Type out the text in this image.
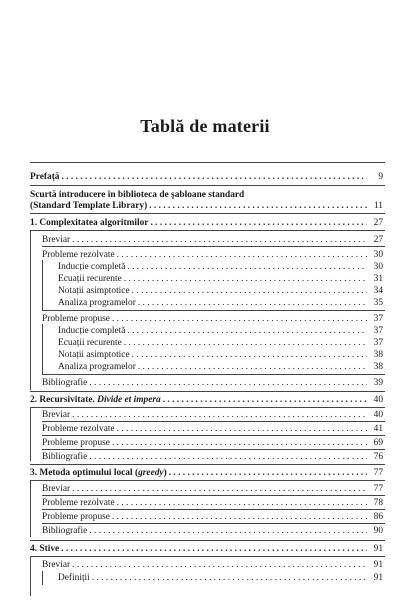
Tablă de materii
Prefață . . .	9
Scurtă introducere în biblioteca de şabloane standard
(Standard Template Library) . . .	11
1. Complexitatea algoritmilor . . .	27
Breviar . . .	27
Probleme rezolvate . . .	30
Inducție completă . . .	30
Ecuații recurente . . .	31
Notații asimptotice . . .	34
Analiza programelor . . .	35
Probleme propuse . . .	37
Inducție completă . . .	37
Ecuații recurente . . .	37
Notații asimptotice . . .	38
Analiza programelor . . .	38
Bibliografie . . .	39
2. Recursivitate. Divide et impera . . .	40
Breviar . . .	40
Probleme rezolvate . . .	41
Probleme propuse . . .	69
Bibliografie . . .	76
3. Metoda optimului local (greedy) . . .	77
Breviar . . .	77
Probleme rezolvate . . .	78
Probleme propuse . . .	86
Bibliografie . . .	90
4. Stive . . .	91
Breviar . . .	91
Definiții . . .	91
